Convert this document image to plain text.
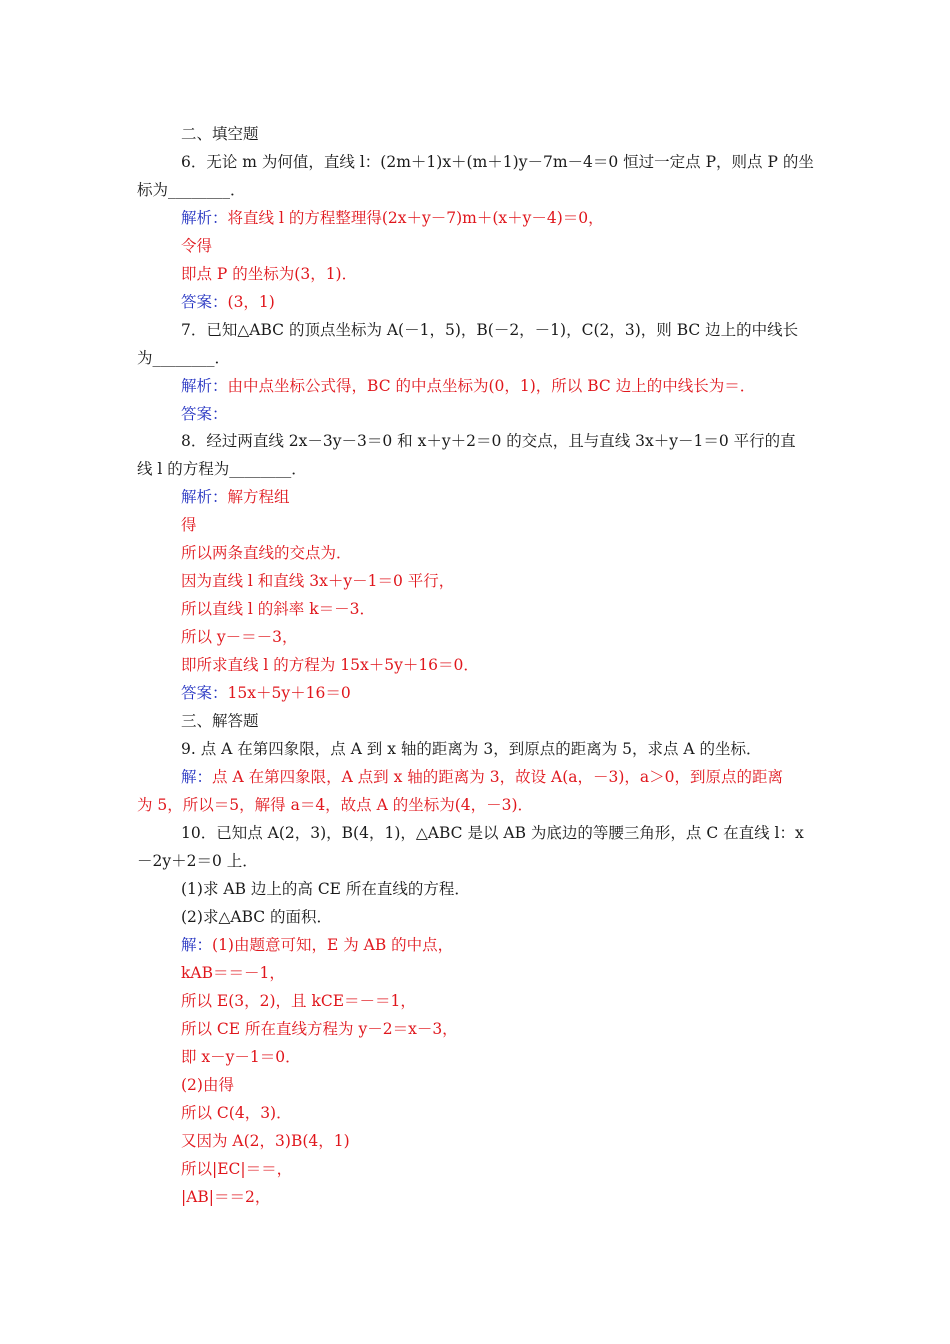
二、填空题
6．无论 m 为何值，直线 l：(2m＋1)x＋(m＋1)y－7m－4＝0 恒过一定点 P，则点 P 的坐
标为________．
解析：将直线 l 的方程整理得(2x＋y－7)m＋(x＋y－4)＝0，
令得
即点 P 的坐标为(3，1)．
答案：(3，1)
7．已知△ABC 的顶点坐标为 A(－1，5)，B(－2，－1)，C(2，3)，则 BC 边上的中线长
为________．
解析：由中点坐标公式得，BC 的中点坐标为(0，1)，所以 BC 边上的中线长为＝．
答案：
8．经过两直线 2x－3y－3＝0 和 x＋y＋2＝0 的交点，且与直线 3x＋y－1＝0 平行的直
线 l 的方程为________．
解析：解方程组
得
所以两条直线的交点为．
因为直线 l 和直线 3x＋y－1＝0 平行，
所以直线 l 的斜率 k＝－3．
所以 y－＝－3，
即所求直线 l 的方程为 15x＋5y＋16＝0．
答案：15x＋5y＋16＝0
三、解答题
9. 点 A 在第四象限，点 A 到 x 轴的距离为 3，到原点的距离为 5，求点 A 的坐标．
解：点 A 在第四象限，A 点到 x 轴的距离为 3，故设 A(a，－3)，a＞0，到原点的距离
为 5，所以＝5，解得 a＝4，故点 A 的坐标为(4，－3)．
10．已知点 A(2，3)，B(4，1)，△ABC 是以 AB 为底边的等腰三角形，点 C 在直线 l：x
－2y＋2＝0 上．
(1)求 AB 边上的高 CE 所在直线的方程．
(2)求△ABC 的面积．
解：(1)由题意可知，E 为 AB 的中点，
kAB＝＝－1，
所以 E(3，2)，且 kCE＝－＝1，
所以 CE 所在直线方程为 y－2＝x－3，
即 x－y－1＝0．
(2)由得
所以 C(4，3)．
又因为 A(2，3)B(4，1)
所以|EC|＝＝，
|AB|＝＝2，
